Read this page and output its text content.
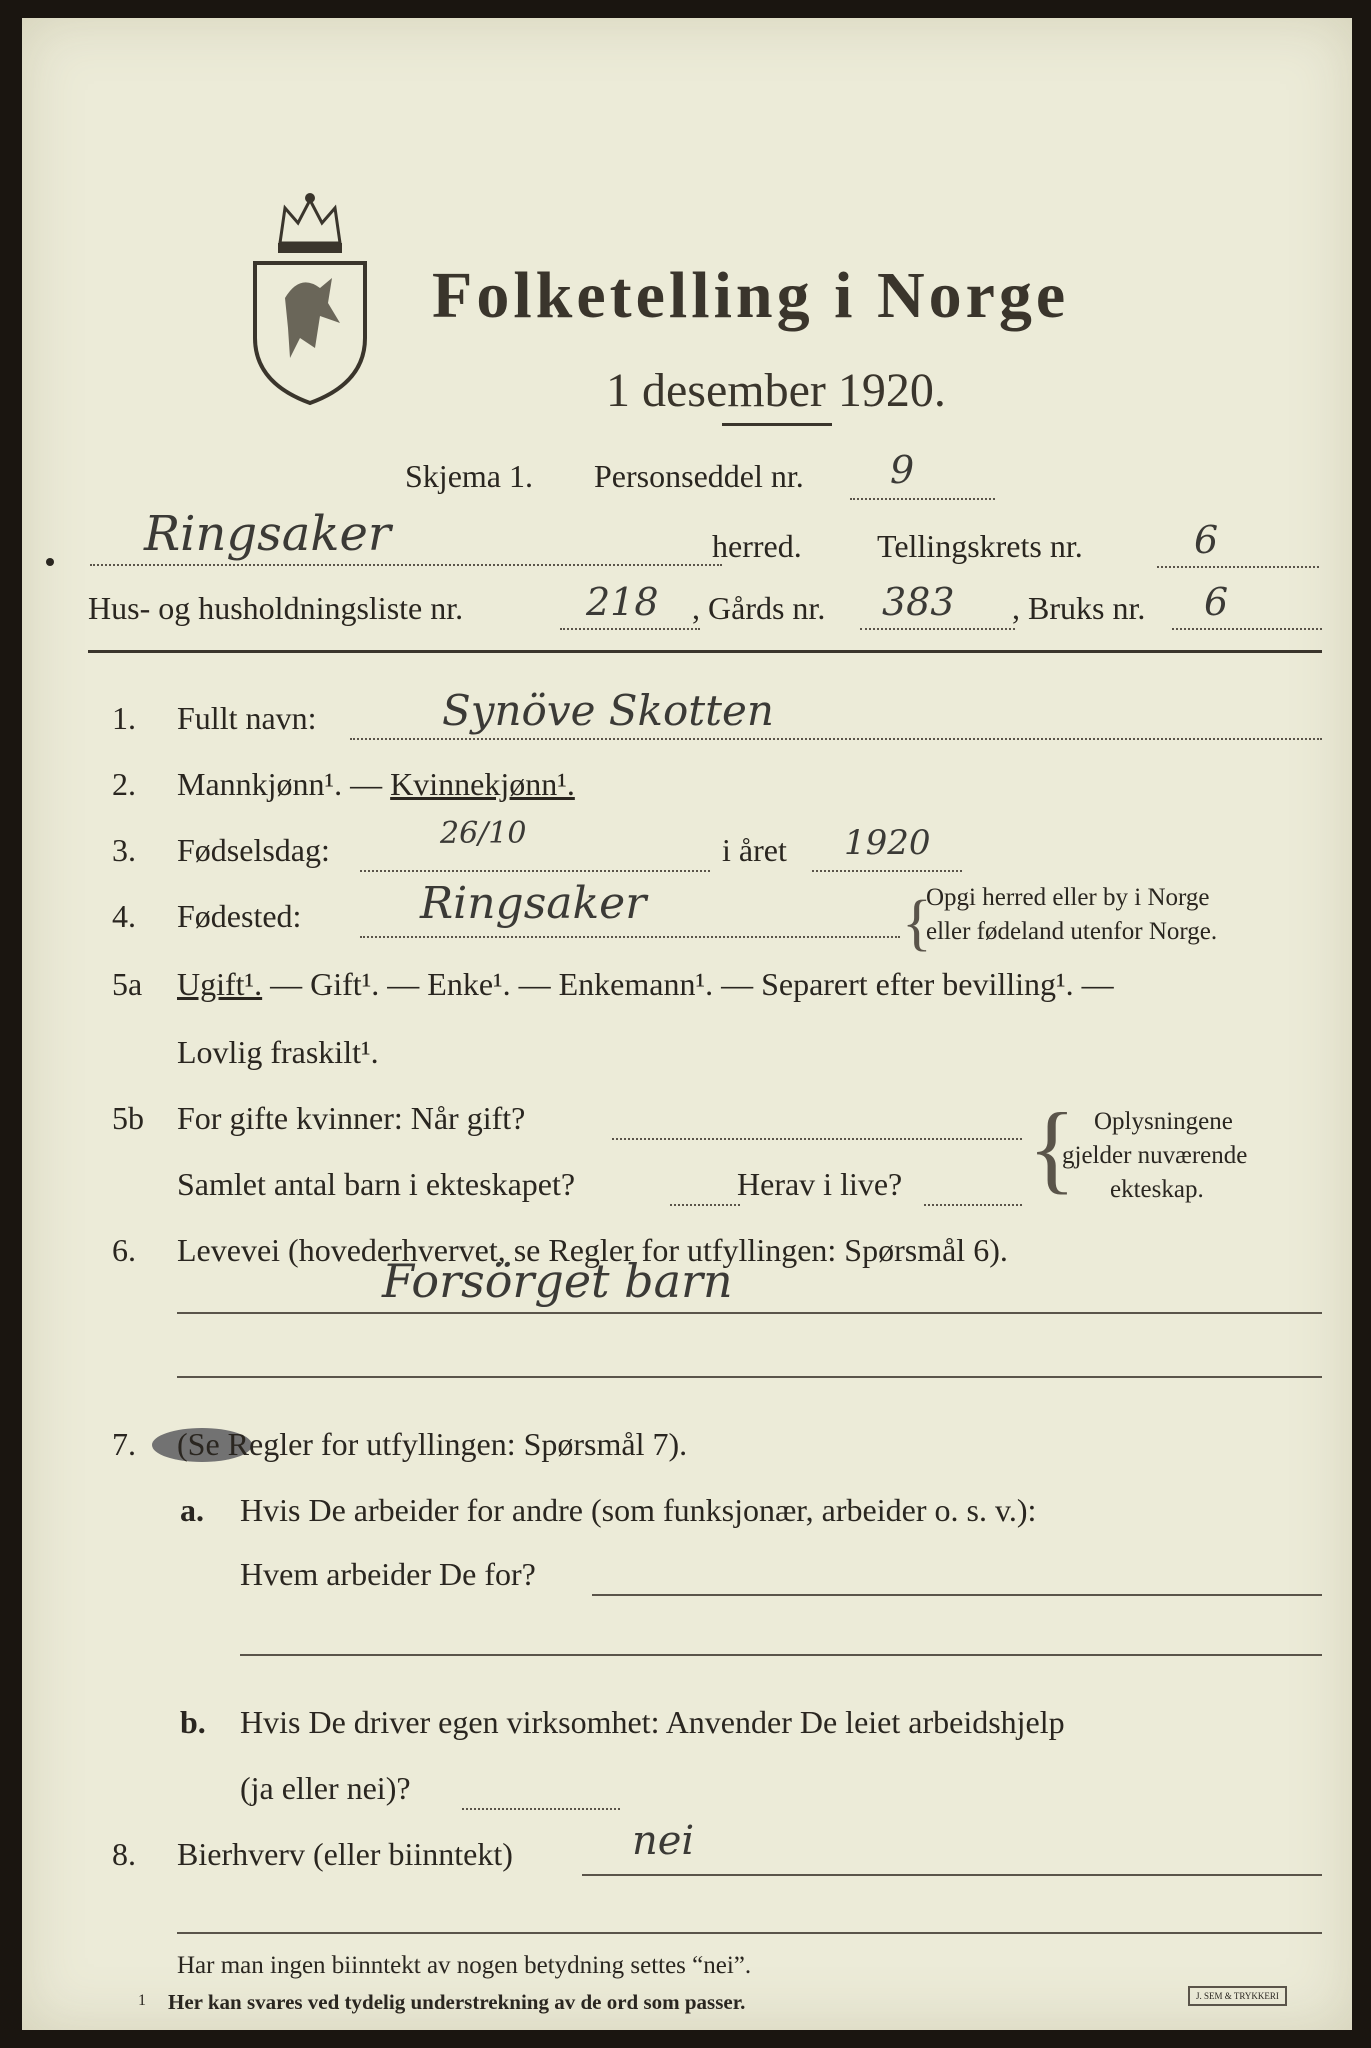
Folketelling i Norge
1 desember 1920.
Skjema 1. Personseddel nr. 9
Ringsaker	herred. Tellingskrets nr.	6
Hus- og husholdningsliste nr.	218 , Gårds nr. 383 , Bruks nr. 6
1. Fullt navn:	Synöve Skotten
2. Mannkjønn¹. — Kvinnekjønn¹.
3. Fødselsdag:	26/10	i året 1920
4. Fødested:	Ringsaker	{
Opgi herred eller by i Norge
eller fødeland utenfor Norge.
5a Ugift¹. — Gift¹. — Enke¹. — Enkemann¹. — Separert efter bevilling¹. —
Lovlig fraskilt¹.
5b For gifte kvinner: Når gift?
Samlet antal barn i ekteskapet?	Herav i live? { Oplysningene
gjelder nuværende
ekteskap.
6. Levevei (hovederhvervet, se Regler for utfyllingen: Spørsmål 6).
Forsörget barn
7. (Se Regler for utfyllingen: Spørsmål 7).
a. Hvis De arbeider for andre (som funksjonær, arbeider o. s. v.):
Hvem arbeider De for?
b. Hvis De driver egen virksomhet: Anvender De leiet arbeidshjelp
(ja eller nei)?
8. Bierhverv (eller biinntekt)	nei
Har man ingen biinntekt av nogen betydning settes “nei”.
1 Her kan svares ved tydelig understrekning av de ord som passer.	J. SEM & TRYKKERI
